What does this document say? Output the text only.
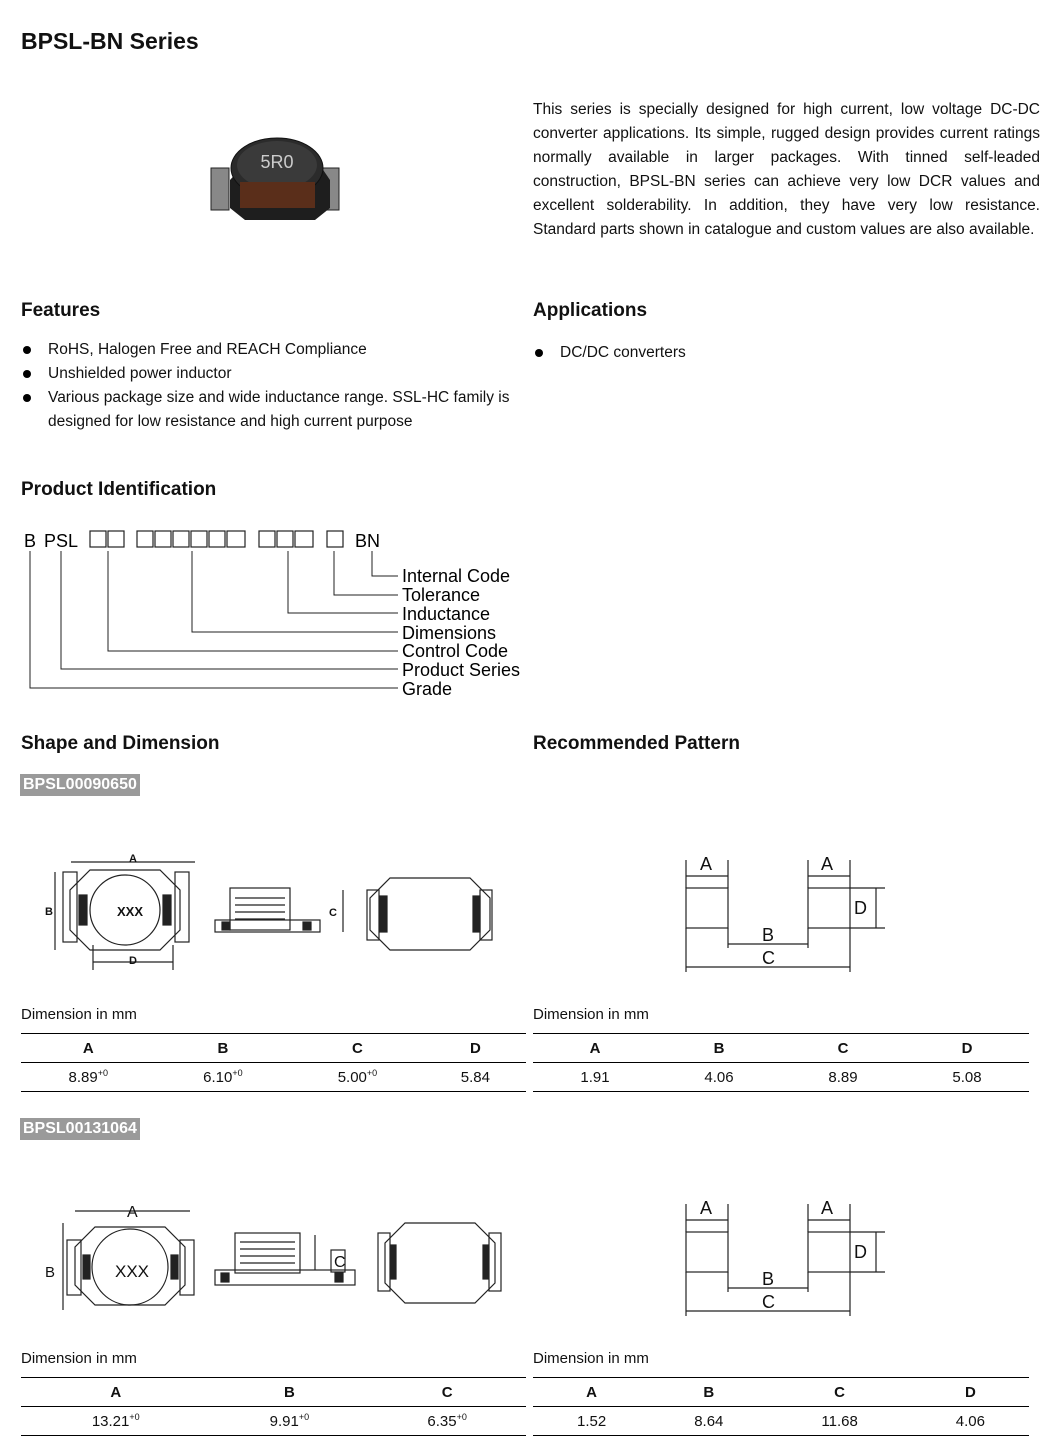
BPSL-BN Series
5R0
This series is specially designed for high current, low voltage DC-DC converter applications. Its simple, rugged design provides current ratings normally available in larger packages. With tinned self-leaded construction, BPSL-BN series can achieve very low DCR values and excellent solderability. In addition, they have very low resistance. Standard parts shown in catalogue and custom values are also available.
Features
RoHS, Halogen Free and REACH Compliance
Unshielded power inductor
Various package size and wide inductance range. SSL-HC family is designed for low resistance and high current purpose
Applications
DC/DC converters
Product Identification
B PSL	BN
Internal Code
Tolerance
Inductance
Dimensions
Control Code
Product Series
Grade
Shape and Dimension	Recommended Pattern
BPSL00090650
A
B	XXX
D
C
A	A
B
C
D
Dimension in mm	Dimension in mm
A	B	C	D
$8.89^{+0}$	$6.10^{+0}$	$5.00^{+0}$	5.84
A	B	C	D
1.91	4.06	8.89	5.08
BPSL00131064
A
B	XXX	C
A	A
B
C
D
Dimension in mm	Dimension in mm
A	B	C
$13.21^{+0}$	$9.91^{+0}$	$6.35^{+0}$
A	B	C	D
1.52	8.64	11.68	4.06
